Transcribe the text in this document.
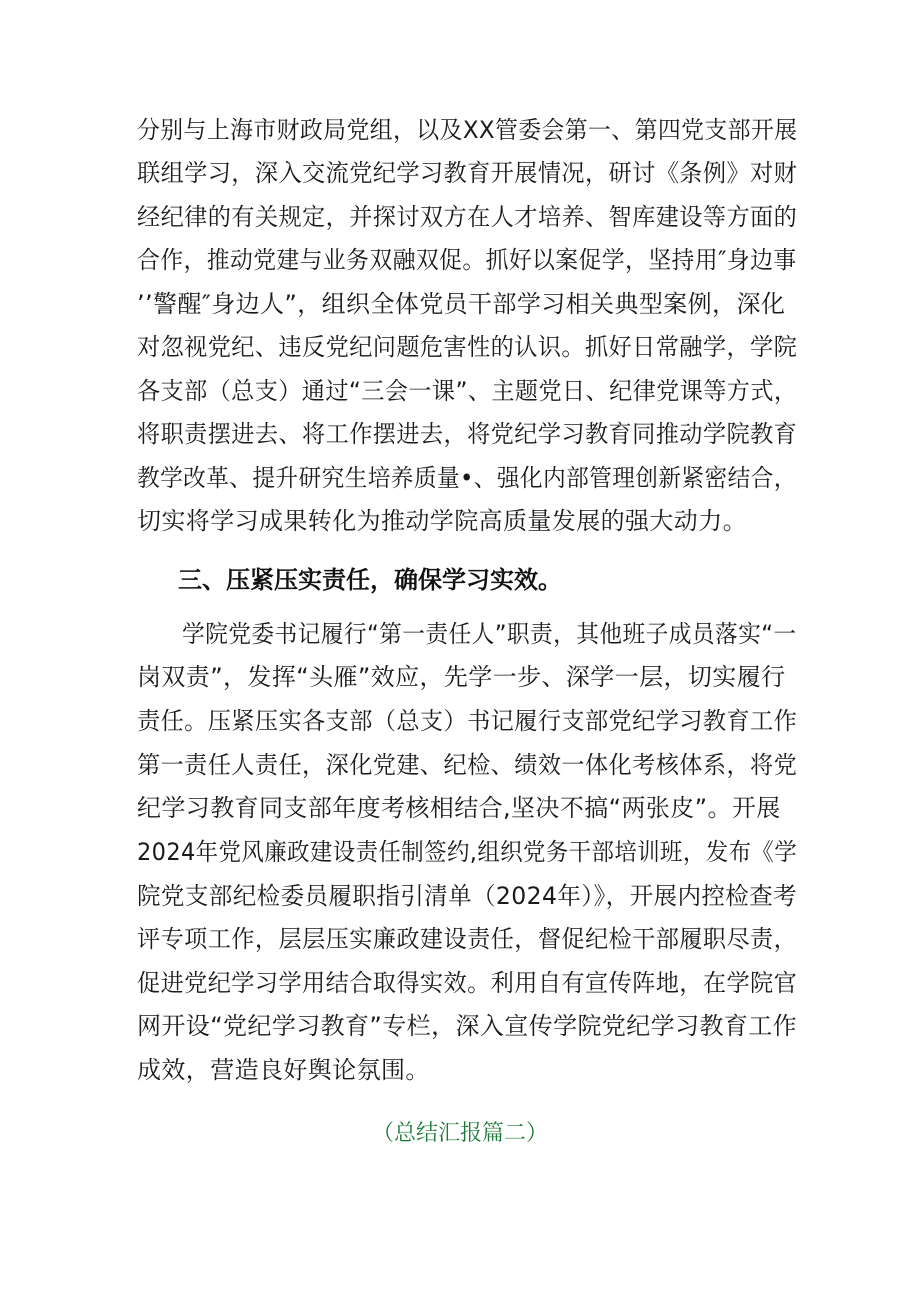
分别与上海市财政局党组，以及XX管委会第一、第四党支部开展
联组学习，深入交流党纪学习教育开展情况，研讨《条例》对财
经纪律的有关规定，并探讨双方在人才培养、智库建设等方面的
合作，推动党建与业务双融双促。抓好以案促学，坚持用″身边事
’’警醒″身边人”，组织全体党员干部学习相关典型案例，深化
对忽视党纪、违反党纪问题危害性的认识。抓好日常融学，学院
各支部（总支）通过“三会一课”、主题党日、纪律党课等方式，
将职责摆进去、将工作摆进去，将党纪学习教育同推动学院教育
教学改革、提升研究生培养质量•、强化内部管理创新紧密结合，
切实将学习成果转化为推动学院高质量发展的强大动力。
三、压紧压实责任，确保学习实效。
学院党委书记履行“第一责任人”职责，其他班子成员落实“一
岗双责”，发挥“头雁”效应，先学一步、深学一层，切实履行
责任。压紧压实各支部（总支）书记履行支部党纪学习教育工作
第一责任人责任，深化党建、纪检、绩效一体化考核体系，将党
纪学习教育同支部年度考核相结合,坚决不搞“两张皮”。开展
2024年党风廉政建设责任制签约,组织党务干部培训班，发布《学
院党支部纪检委员履职指引清单（2024年）》，开展内控检查考
评专项工作，层层压实廉政建设责任，督促纪检干部履职尽责，
促进党纪学习学用结合取得实效。利用自有宣传阵地，在学院官
网开设“党纪学习教育”专栏，深入宣传学院党纪学习教育工作
成效，营造良好舆论氛围。
（总结汇报篇二）
